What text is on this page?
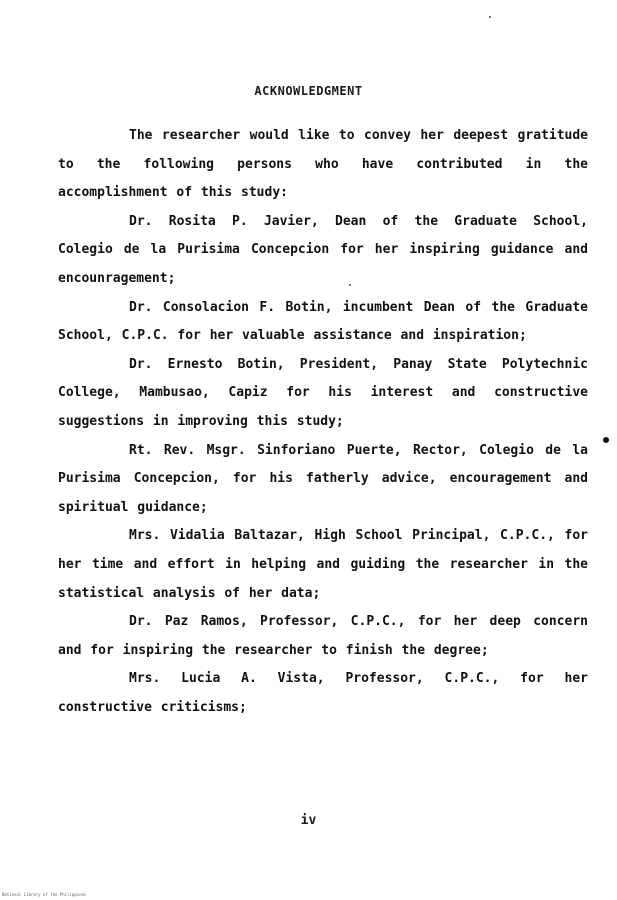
ACKNOWLEDGMENT

The researcher would like to convey her deepest gratitude to the following persons who have contributed in the accomplishment of this study:

Dr. Rosita P. Javier, Dean of the Graduate School, Colegio de la Purisima Concepcion for her inspiring guidance and encounragement;

Dr. Consolacion F. Botin, incumbent Dean of the Graduate School, C.P.C. for her valuable assistance and inspiration;

Dr. Ernesto Botin, President, Panay State Polytechnic College, Mambusao, Capiz for his interest and constructive suggestions in improving this study;

Rt. Rev. Msgr. Sinforiano Puerte, Rector, Colegio de la Purisima Concepcion, for his fatherly advice, encouragement and spiritual guidance;

Mrs. Vidalia Baltazar, High School Principal, C.P.C., for her time and effort in helping and guiding the researcher in the statistical analysis of her data;

Dr. Paz Ramos, Professor, C.P.C., for her deep concern and for inspiring the researcher to finish the degree;

Mrs. Lucia A. Vista, Professor, C.P.C., for her constructive criticisms;

iv
National Library of the Philippines
